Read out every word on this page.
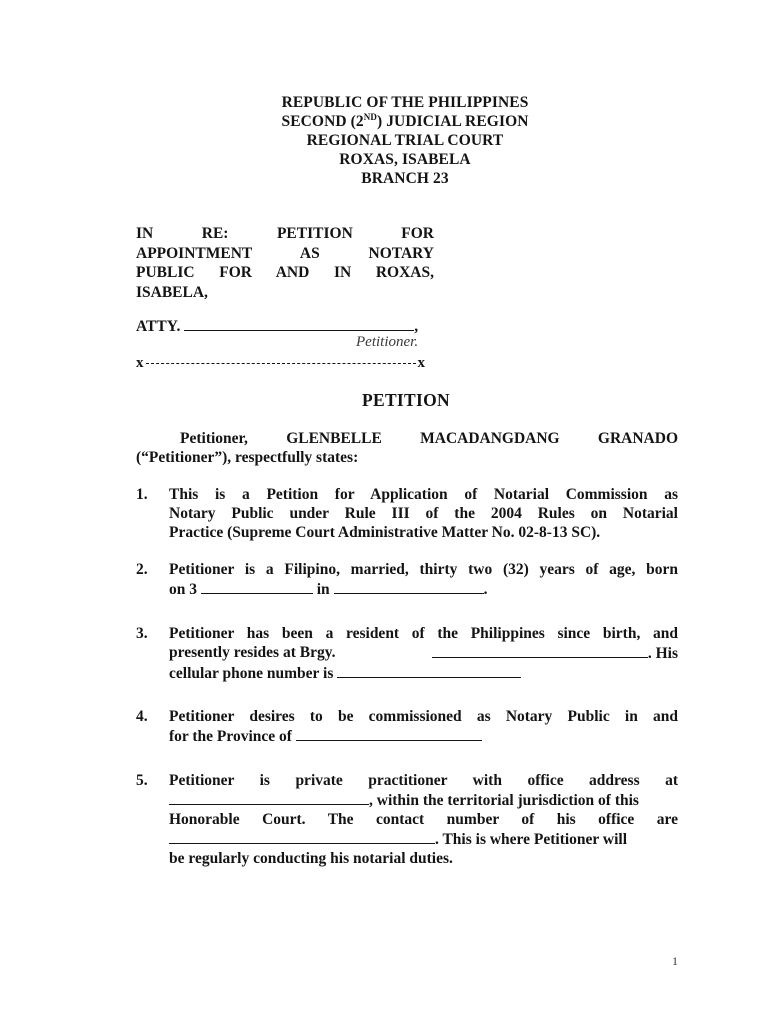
REPUBLIC OF THE PHILIPPINES
SECOND (2ND) JUDICIAL REGION
REGIONAL TRIAL COURT
ROXAS, ISABELA
BRANCH 23
IN RE: PETITION FOR
APPOINTMENT AS NOTARY
PUBLIC FOR AND IN ROXAS,
ISABELA,
ATTY.	,
Petitioner.
x	x
PETITION
Petitioner, GLENBELLE MACADANGDANG GRANADO
(“Petitioner”), respectfully states:
1. This is a Petition for Application of Notarial Commission as
Notary Public under Rule III of the 2004 Rules on Notarial
Practice (Supreme Court Administrative Matter No. 02-8-13 SC).
2. Petitioner is a Filipino, married, thirty two (32) years of age, born
on 3	in	.
3. Petitioner has been a resident of the Philippines since birth, and
presently resides at Brgy.	. His
cellular phone number is
4. Petitioner desires to be commissioned as Notary Public in and
for the Province of
5. Petitioner is private practitioner with office address at
, within the territorial jurisdiction of this
Honorable Court. The contact number of his office are
. This is where Petitioner will
be regularly conducting his notarial duties.
1
